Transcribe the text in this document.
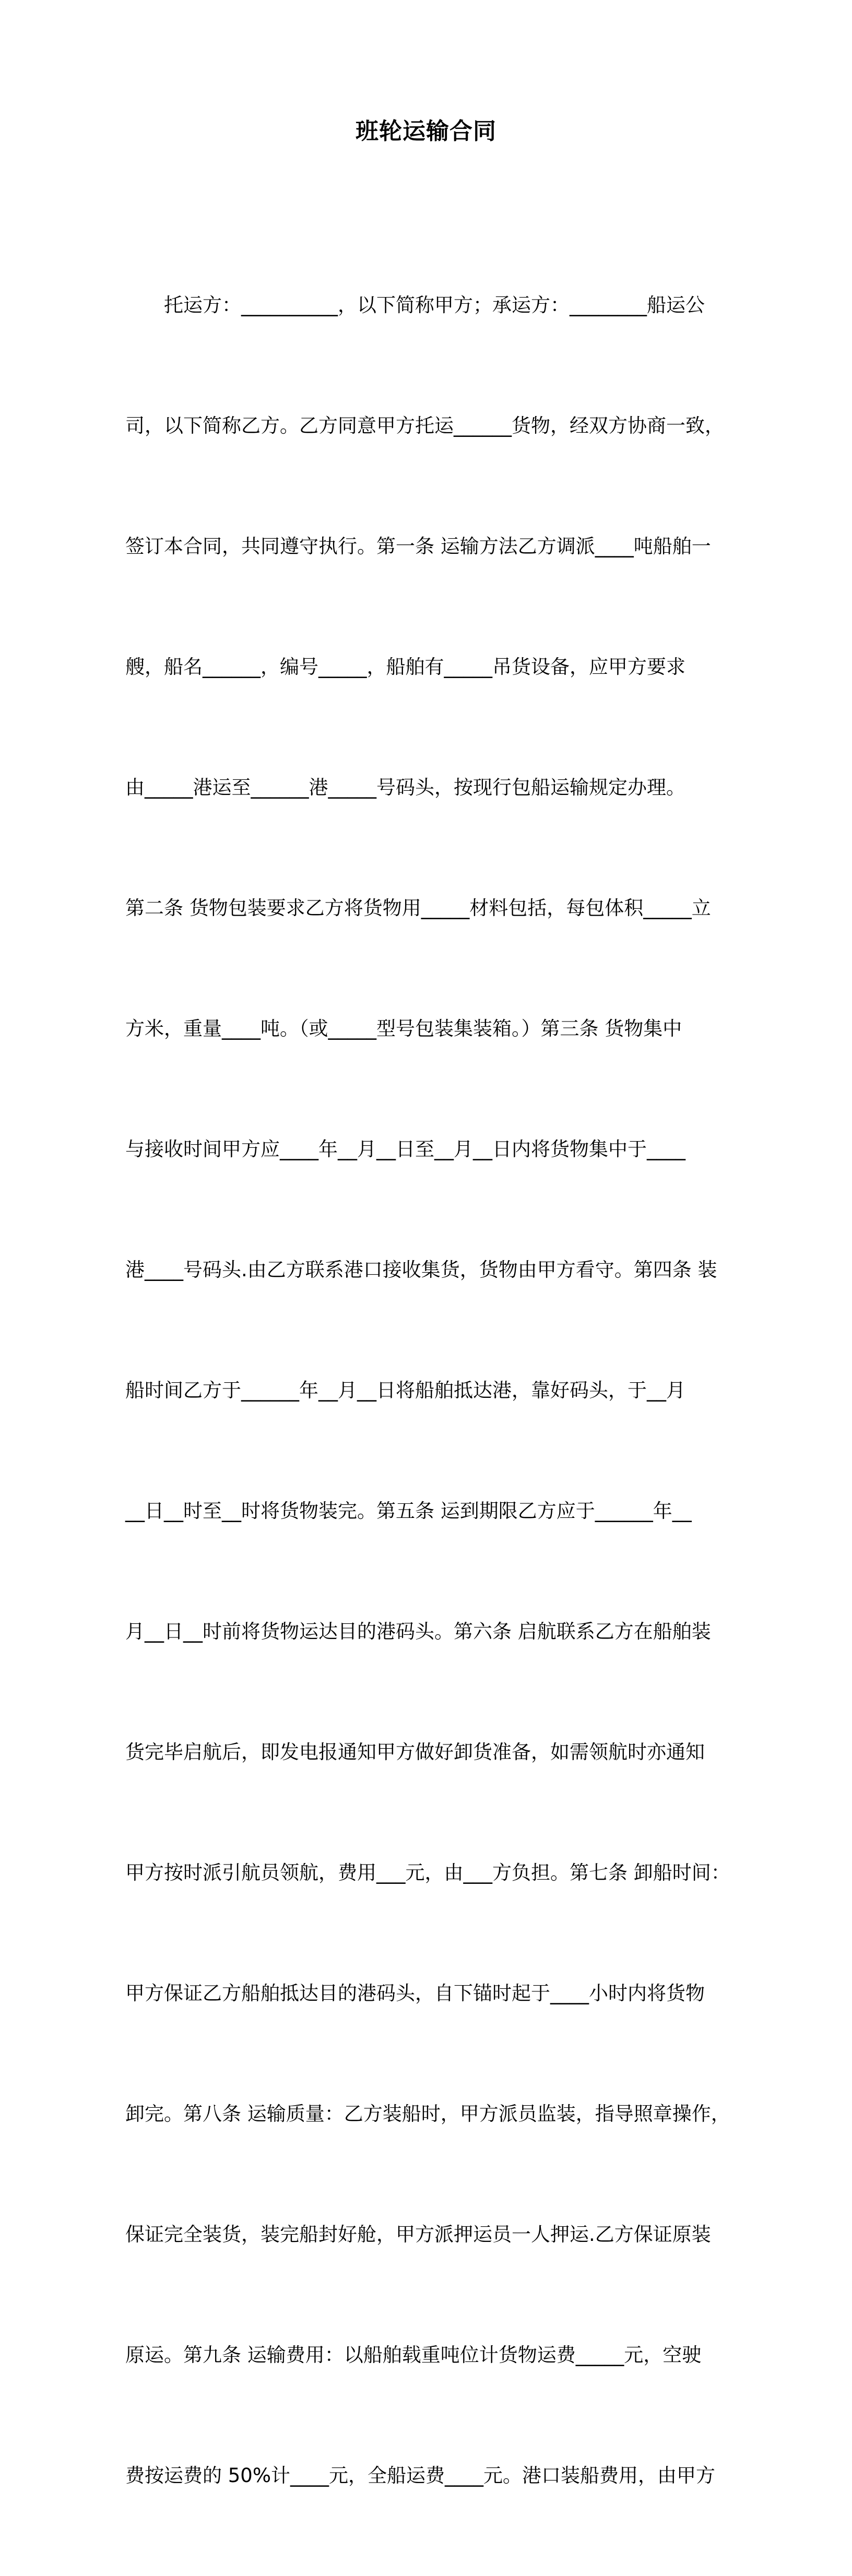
班轮运输合同

　　托运方：__________，以下简称甲方；承运方：________船运公

司，以下简称乙方。乙方同意甲方托运______货物，经双方协商一致，

签订本合同，共同遵守执行。第一条 运输方法乙方调派____吨船舶一

艘，船名______，编号_____，船舶有_____吊货设备，应甲方要求

由_____港运至______港_____号码头，按现行包船运输规定办理。

第二条 货物包装要求乙方将货物用_____材料包括，每包体积_____立

方米，重量____吨。（或_____型号包装集装箱。）第三条 货物集中

与接收时间甲方应____年__月__日至__月__日内将货物集中于____

港____号码头.由乙方联系港口接收集货，货物由甲方看守。第四条 装

船时间乙方于______年__月__日将船舶抵达港，靠好码头，于__月

__日__时至__时将货物装完。第五条 运到期限乙方应于______年__

月__日__时前将货物运达目的港码头。第六条 启航联系乙方在船舶装

货完毕启航后，即发电报通知甲方做好卸货准备，如需领航时亦通知

甲方按时派引航员领航，费用___元，由___方负担。第七条 卸船时间：

甲方保证乙方船舶抵达目的港码头，自下锚时起于____小时内将货物

卸完。第八条 运输质量：乙方装船时，甲方派员监装，指导照章操作，

保证完全装货，装完船封好舱，甲方派押运员一人押运.乙方保证原装

原运。第九条 运输费用：以船舶载重吨位计货物运费_____元，空驶

费按运费的 50%计____元，全船运费____元。港口装船费用，由甲方
